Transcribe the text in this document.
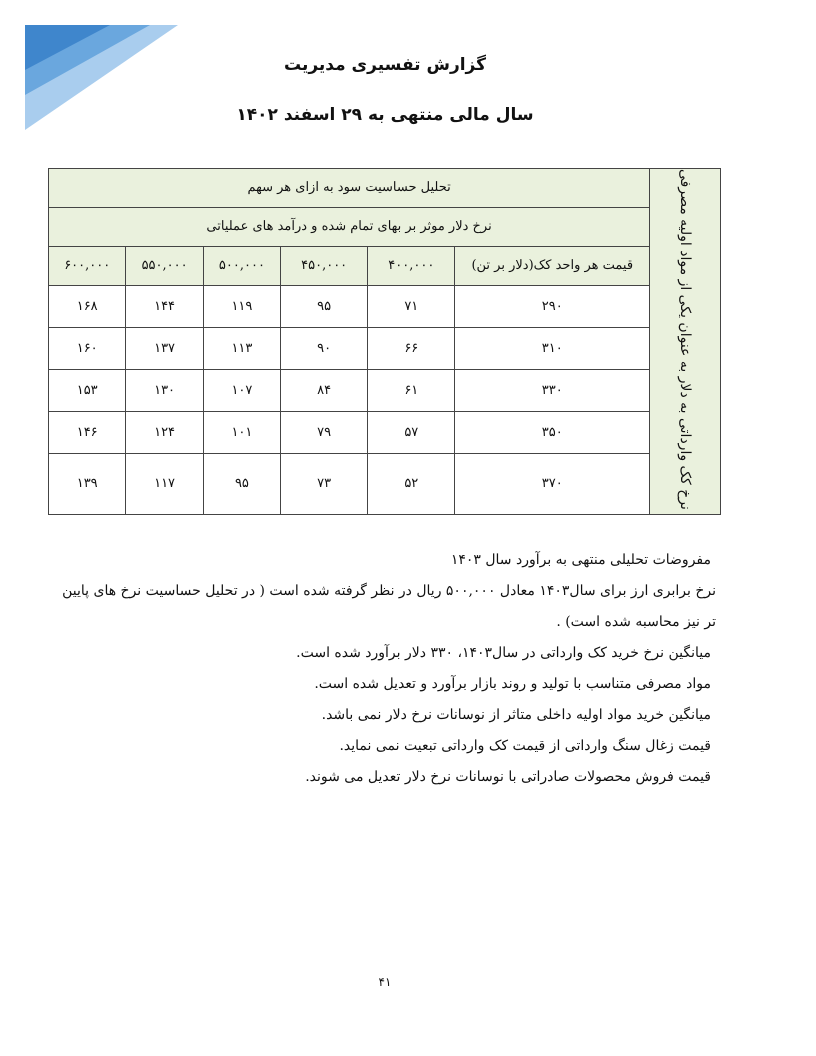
گزارش تفسیری مدیریت
سال مالی منتهی به ۲۹ اسفند ۱۴۰۲
نرخ کک وارداتی به دلار به عنوان یکی از مواد اولیه مصرفی	تحلیل حساسیت سود به ازای هر سهم					
	نرخ دلار موثر بر بهای تمام شده و درآمد های عملیاتی					
	قیمت هر واحد کک(دلار بر تن)	۴۰۰,۰۰۰	۴۵۰,۰۰۰	۵۰۰,۰۰۰	۵۵۰,۰۰۰	۶۰۰,۰۰۰
	۲۹۰	۷۱	۹۵	۱۱۹	۱۴۴	۱۶۸
	۳۱۰	۶۶	۹۰	۱۱۳	۱۳۷	۱۶۰
	۳۳۰	۶۱	۸۴	۱۰۷	۱۳۰	۱۵۳
	۳۵۰	۵۷	۷۹	۱۰۱	۱۲۴	۱۴۶
	۳۷۰	۵۲	۷۳	۹۵	۱۱۷	۱۳۹

مفروضات تحلیلی منتهی به برآورد سال ۱۴۰۳

نرخ برابری ارز برای سال۱۴۰۳ معادل ۵۰۰,۰۰۰ ریال در نظر گرفته شده است ( در تحلیل حساسیت نرخ های پایین تر نیز محاسبه شده است) .

میانگین نرخ خرید کک وارداتی در سال۱۴۰۳، ۳۳۰ دلار برآورد شده است.

مواد مصرفی متناسب با تولید و روند بازار برآورد و تعدیل شده است.

میانگین خرید مواد اولیه داخلی متاثر از نوسانات نرخ دلار نمی باشد.

قیمت زغال سنگ وارداتی از قیمت کک وارداتی تبعیت نمی نماید.

قیمت فروش محصولات صادراتی با نوسانات نرخ دلار تعدیل می شوند.

۴۱
